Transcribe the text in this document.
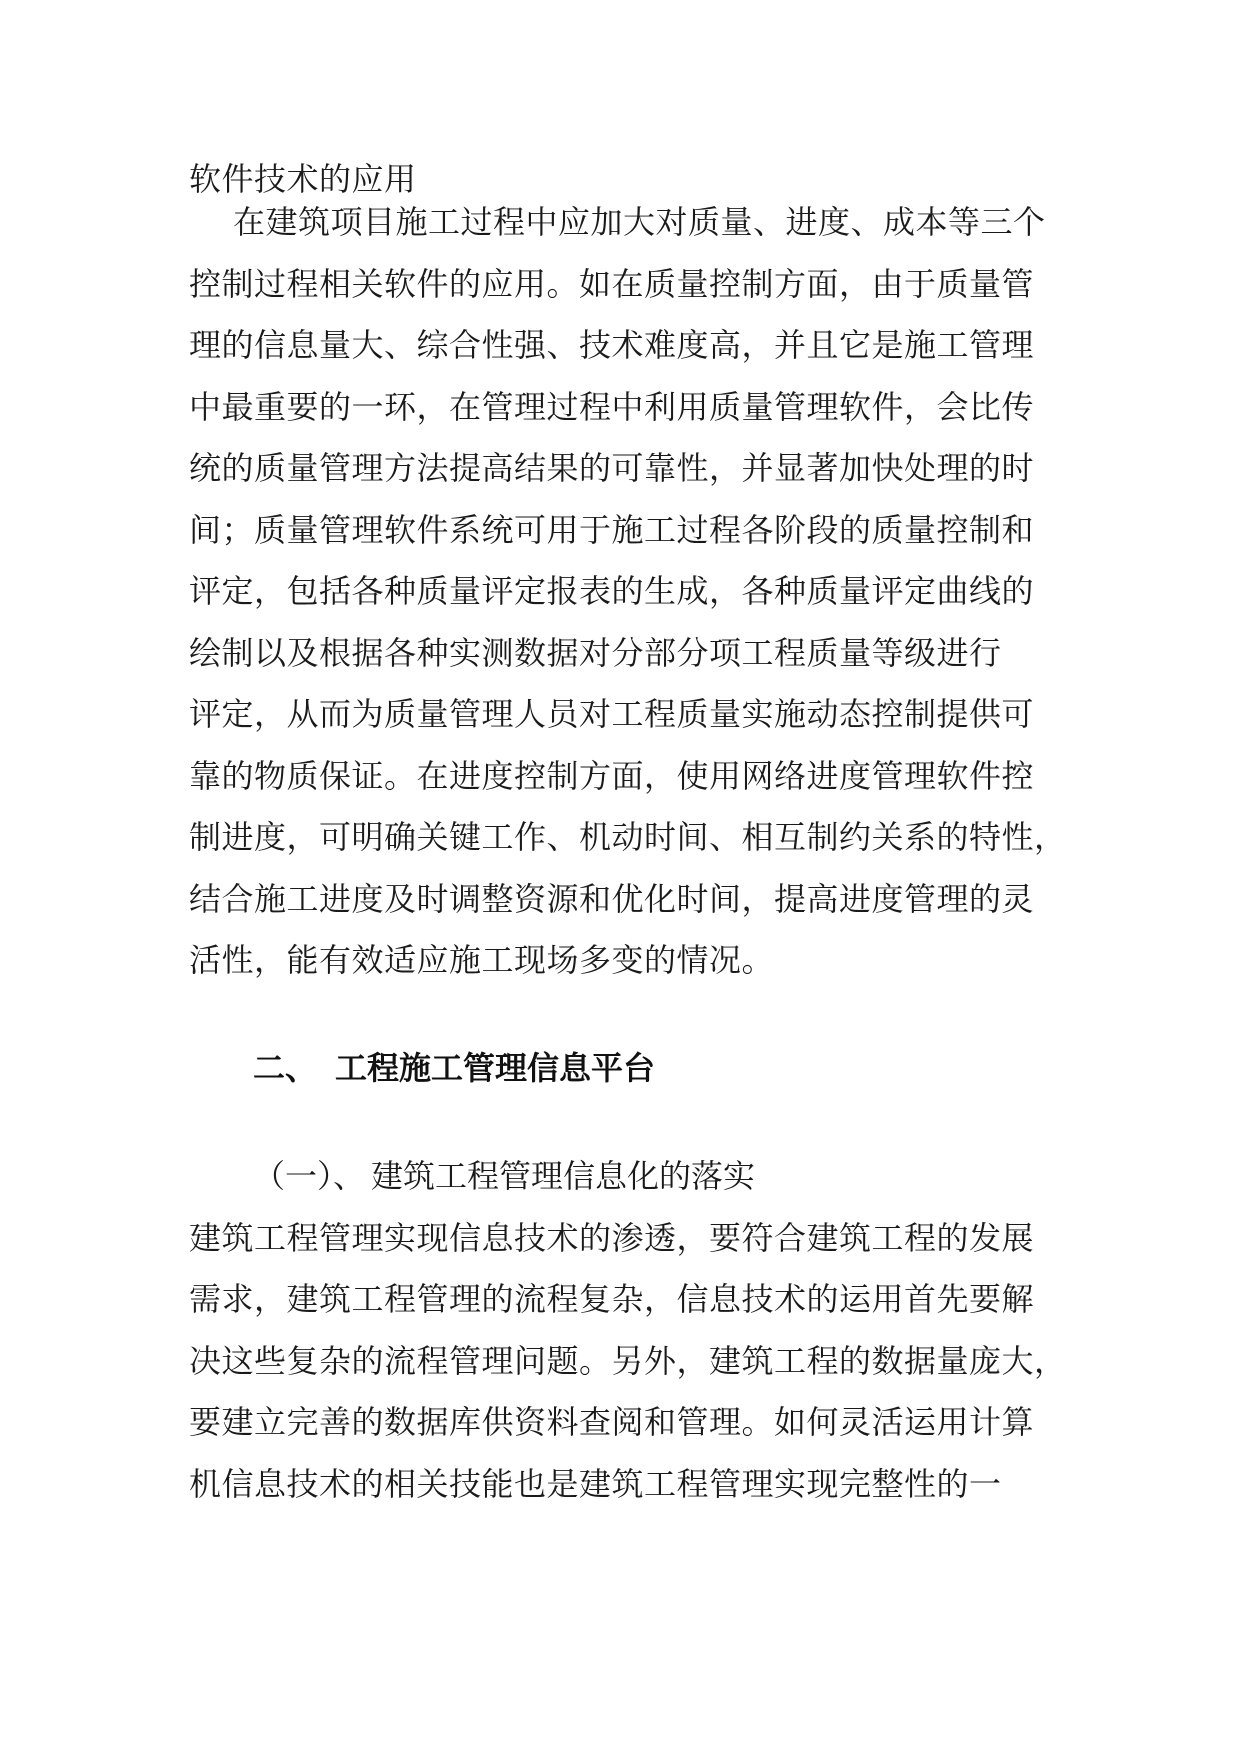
软件技术的应用
在建筑项目施工过程中应加大对质量、进度、成本等三个
控制过程相关软件的应用。如在质量控制方面，由于质量管
理的信息量大、综合性强、技术难度高，并且它是施工管理
中最重要的一环，在管理过程中利用质量管理软件，会比传
统的质量管理方法提高结果的可靠性，并显著加快处理的时
间；质量管理软件系统可用于施工过程各阶段的质量控制和
评定，包括各种质量评定报表的生成，各种质量评定曲线的
绘制以及根据各种实测数据对分部分项工程质量等级进行
评定，从而为质量管理人员对工程质量实施动态控制提供可
靠的物质保证。在进度控制方面，使用网络进度管理软件控
制进度，可明确关键工作、机动时间、相互制约关系的特性，
结合施工进度及时调整资源和优化时间，提高进度管理的灵
活性，能有效适应施工现场多变的情况。
二、 工程施工管理信息平台
（一）、 建筑工程管理信息化的落实
建筑工程管理实现信息技术的渗透，要符合建筑工程的发展
需求，建筑工程管理的流程复杂，信息技术的运用首先要解
决这些复杂的流程管理问题。另外，建筑工程的数据量庞大，
要建立完善的数据库供资料查阅和管理。如何灵活运用计算
机信息技术的相关技能也是建筑工程管理实现完整性的一
